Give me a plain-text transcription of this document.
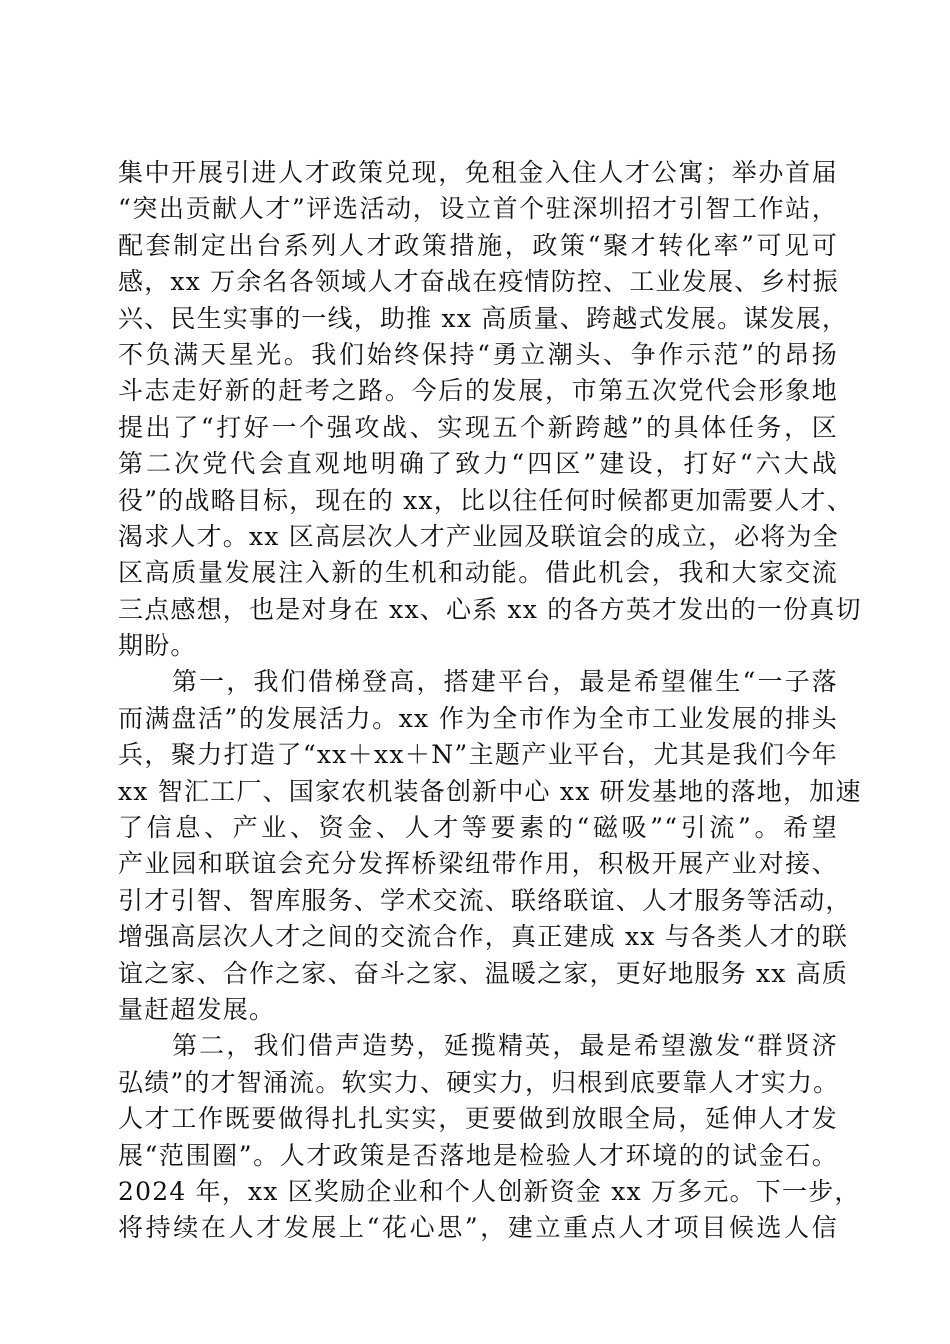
集中开展引进人才政策兑现，免租金入住人才公寓；举办首届
“突出贡献人才”评选活动，设立首个驻深圳招才引智工作站，
配套制定出台系列人才政策措施，政策“聚才转化率”可见可
感，xx 万余名各领域人才奋战在疫情防控、工业发展、乡村振
兴、民生实事的一线，助推 xx 高质量、跨越式发展。谋发展，
不负满天星光。我们始终保持“勇立潮头、争作示范”的昂扬
斗志走好新的赶考之路。今后的发展，市第五次党代会形象地
提出了“打好一个强攻战、实现五个新跨越”的具体任务，区
第二次党代会直观地明确了致力“四区”建设，打好“六大战
役”的战略目标，现在的 xx，比以往任何时候都更加需要人才、
渴求人才。xx 区高层次人才产业园及联谊会的成立，必将为全
区高质量发展注入新的生机和动能。借此机会，我和大家交流
三点感想，也是对身在 xx、心系 xx 的各方英才发出的一份真切
期盼。
第一，我们借梯登高，搭建平台，最是希望催生“一子落
而满盘活”的发展活力。xx 作为全市作为全市工业发展的排头
兵，聚力打造了“xx＋xx＋N”主题产业平台，尤其是我们今年
xx 智汇工厂、国家农机装备创新中心 xx 研发基地的落地，加速
了信息、产业、资金、人才等要素的“磁吸”“引流”。希望
产业园和联谊会充分发挥桥梁纽带作用，积极开展产业对接、
引才引智、智库服务、学术交流、联络联谊、人才服务等活动，
增强高层次人才之间的交流合作，真正建成 xx 与各类人才的联
谊之家、合作之家、奋斗之家、温暖之家，更好地服务 xx 高质
量赶超发展。
第二，我们借声造势，延揽精英，最是希望激发“群贤济
弘绩”的才智涌流。软实力、硬实力，归根到底要靠人才实力。
人才工作既要做得扎扎实实，更要做到放眼全局，延伸人才发
展“范围圈”。人才政策是否落地是检验人才环境的的试金石。
2024 年，xx 区奖励企业和个人创新资金 xx 万多元。下一步，
将持续在人才发展上“花心思”，建立重点人才项目候选人信
